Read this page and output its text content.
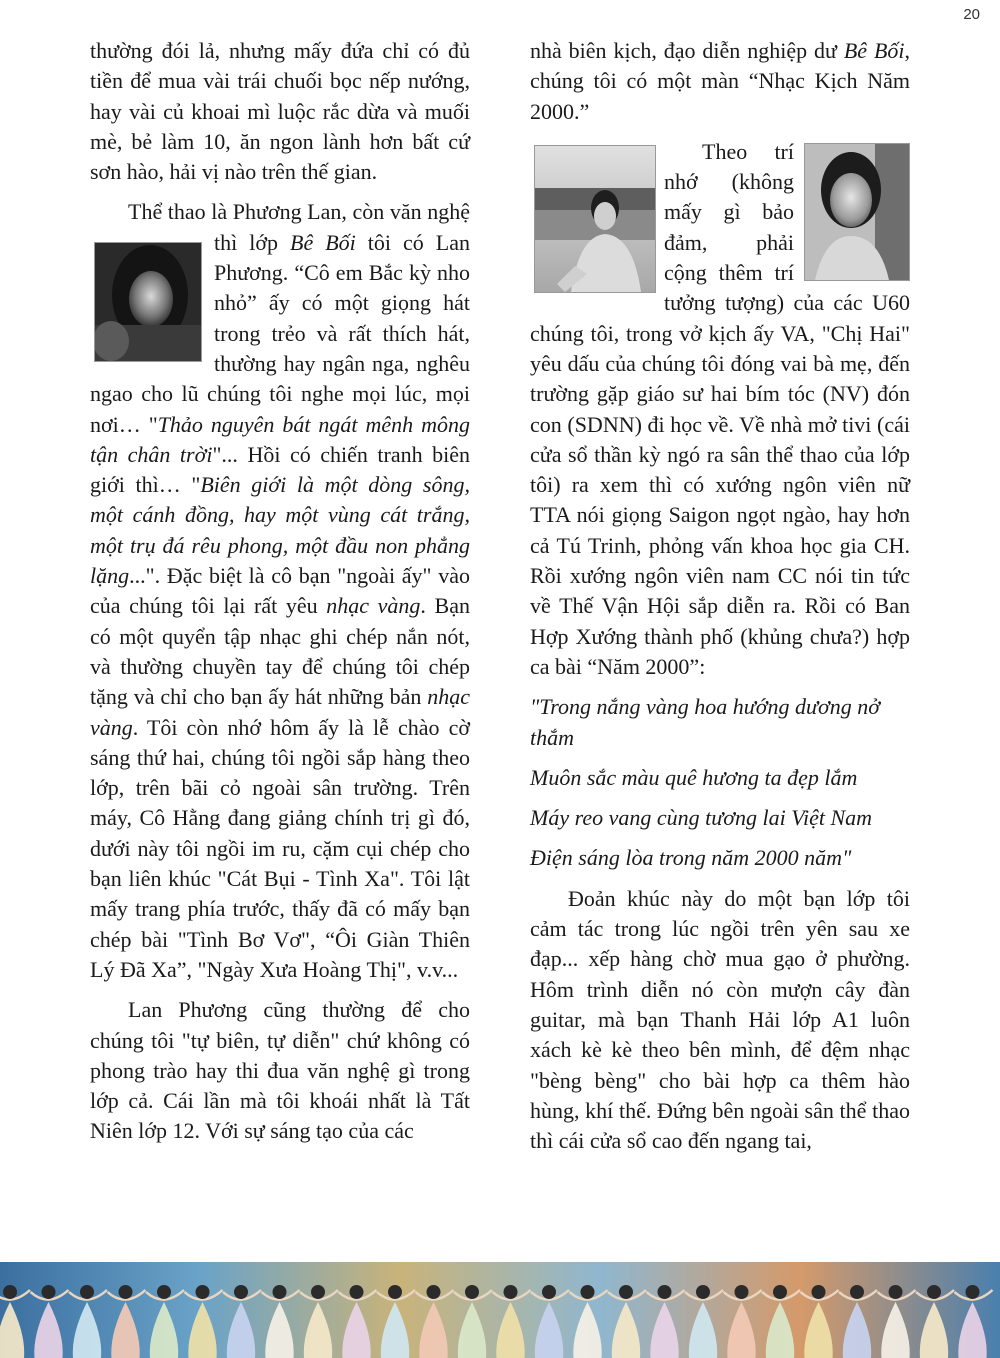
20

thường đói lả, nhưng mấy đứa chỉ có đủ tiền để mua vài trái chuối bọc nếp nướng, hay vài củ khoai mì luộc rắc dừa và muối mè, bẻ làm 10, ăn ngon lành hơn bất cứ sơn hào, hải vị nào trên thế gian.

Thể thao là Phương Lan, còn văn nghệ thì lớp Bê Bối
tôi có Lan Phương. “Cô em Bắc kỳ nho nhỏ” ấy có một giọng hát trong trẻo và rất thích hát, thường hay ngân nga, nghêu ngao cho lũ chúng tôi nghe mọi lúc, mọi nơi… "Thảo nguyên bát ngát mênh mông tận chân trời"... Hồi có chiến tranh biên giới thì… "Biên giới là một dòng sông, một cánh đồng, hay một vùng cát trắng, một trụ đá rêu phong, một đầu non phẳng lặng...". Đặc biệt là cô bạn "ngoài ấy" vào của chúng tôi lại rất yêu nhạc vàng. Bạn có một quyển tập nhạc ghi chép nắn nót, và thường chuyền tay để chúng tôi chép tặng và chỉ cho bạn ấy hát những bản nhạc vàng. Tôi còn nhớ hôm ấy là lễ chào cờ sáng thứ hai, chúng tôi ngồi sắp hàng theo lớp, trên bãi cỏ ngoài sân trường. Trên máy, Cô Hằng đang giảng chính trị gì đó, dưới này tôi ngồi im ru, cặm cụi chép cho bạn liên khúc "Cát Bụi - Tình Xa". Tôi lật mấy trang phía trước, thấy đã có mấy bạn chép bài "Tình Bơ Vơ", “Ôi Giàn Thiên Lý Đã Xa”, "Ngày Xưa Hoàng Thị", v.v...

Lan Phương cũng thường để cho chúng tôi "tự biên, tự diễn" chứ không có phong trào hay thi đua văn nghệ gì trong lớp cả. Cái lần mà tôi khoái nhất là Tất Niên lớp 12. Với sự sáng tạo của các

nhà biên kịch, đạo diễn nghiệp dư Bê Bối, chúng tôi có một màn “Nhạc Kịch Năm 2000.”

Theo trí nhớ (không mấy gì bảo đảm, phải cộng thêm trí tưởng tượng) của các U60 chúng tôi, trong vở kịch ấy VA, "Chị Hai" yêu dấu của chúng tôi đóng vai bà mẹ, đến trường gặp giáo sư hai bím tóc (NV) đón con (SDNN) đi học về. Về nhà mở tivi (cái cửa sổ thần kỳ ngó ra sân thể thao của lớp tôi) ra xem thì có xướng ngôn viên nữ TTA nói giọng Saigon ngọt ngào, hay hơn cả Tú Trinh, phỏng vấn khoa học gia CH. Rồi xướng ngôn viên nam CC nói tin tức về Thế Vận Hội sắp diễn ra. Rồi có Ban Hợp Xướng thành phố (khủng chưa?) hợp ca bài “Năm 2000”:

"Trong nắng vàng hoa hướng dương nở thắm

Muôn sắc màu quê hương ta đẹp lắm

Máy reo vang cùng tương lai Việt Nam

Điện sáng lòa trong năm 2000 năm"

Đoản khúc này do một bạn lớp tôi cảm tác trong lúc ngồi trên yên sau xe đạp... xếp hàng chờ mua gạo ở phường. Hôm trình diễn nó còn mượn cây đàn guitar, mà bạn Thanh Hải lớp A1 luôn xách kè kè theo bên mình, để đệm nhạc "bèng bèng" cho bài hợp ca thêm hào hùng, khí thế. Đứng bên ngoài sân thể thao thì cái cửa sổ cao đến ngang tai,
